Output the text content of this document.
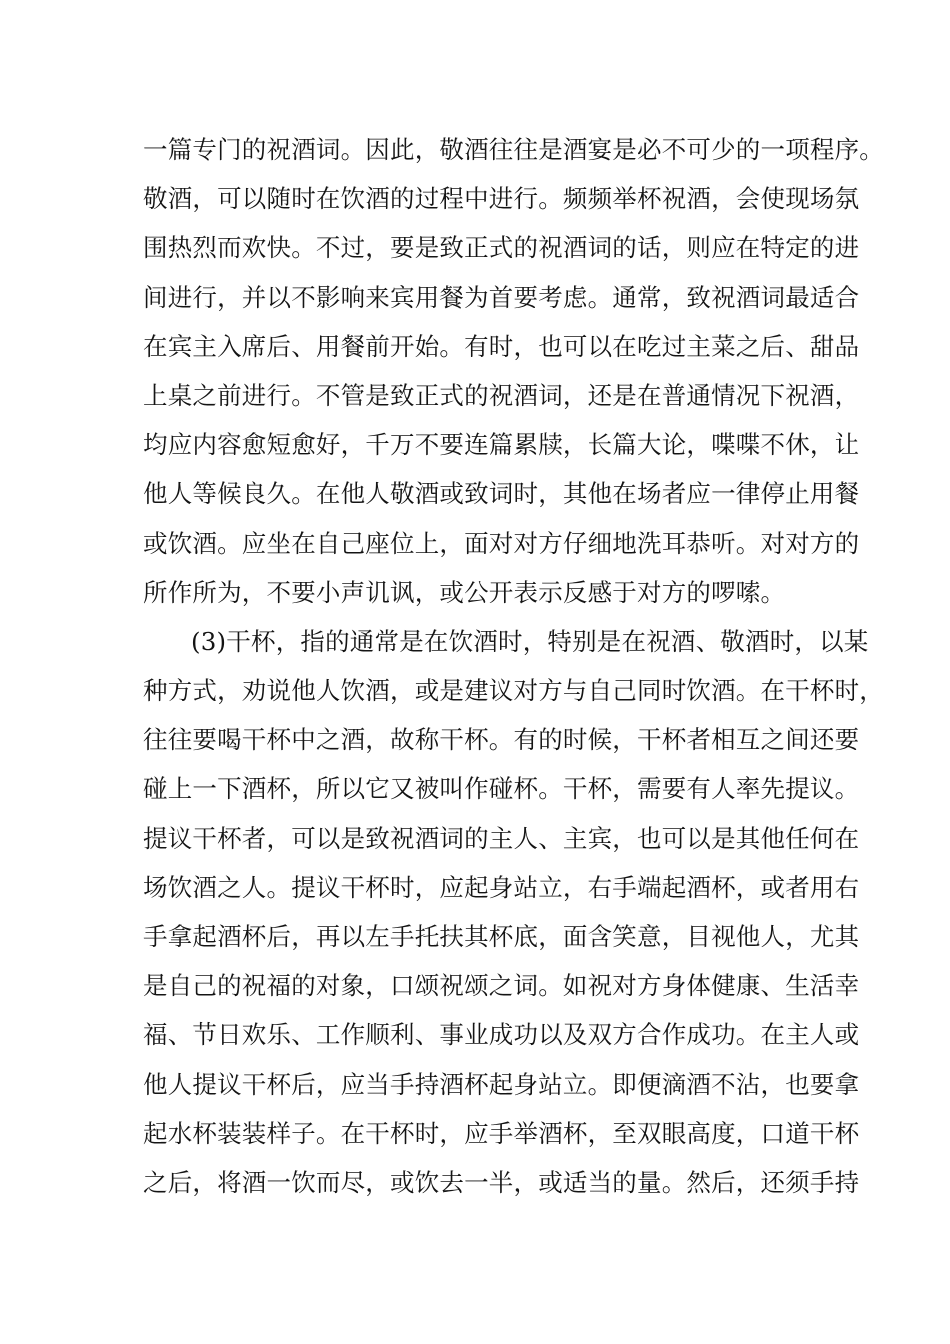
一篇专门的祝酒词。因此，敬酒往往是酒宴是必不可少的一项程序。
敬酒，可以随时在饮酒的过程中进行。频频举杯祝酒，会使现场氛
围热烈而欢快。不过，要是致正式的祝酒词的话，则应在特定的进
间进行，并以不影响来宾用餐为首要考虑。通常，致祝酒词最适合
在宾主入席后、用餐前开始。有时，也可以在吃过主菜之后、甜品
上桌之前进行。不管是致正式的祝酒词，还是在普通情况下祝酒，
均应内容愈短愈好，千万不要连篇累牍，长篇大论，喋喋不休，让
他人等候良久。在他人敬酒或致词时，其他在场者应一律停止用餐
或饮酒。应坐在自己座位上，面对对方仔细地洗耳恭听。对对方的
所作所为，不要小声讥讽，或公开表示反感于对方的啰嗦。
(3)干杯，指的通常是在饮酒时，特别是在祝酒、敬酒时，以某
种方式，劝说他人饮酒，或是建议对方与自己同时饮酒。在干杯时，
往往要喝干杯中之酒，故称干杯。有的时候，干杯者相互之间还要
碰上一下酒杯，所以它又被叫作碰杯。干杯，需要有人率先提议。
提议干杯者，可以是致祝酒词的主人、主宾，也可以是其他任何在
场饮酒之人。提议干杯时，应起身站立，右手端起酒杯，或者用右
手拿起酒杯后，再以左手托扶其杯底，面含笑意，目视他人，尤其
是自己的祝福的对象，口颂祝颂之词。如祝对方身体健康、生活幸
福、节日欢乐、工作顺利、事业成功以及双方合作成功。在主人或
他人提议干杯后，应当手持酒杯起身站立。即便滴酒不沾，也要拿
起水杯装装样子。在干杯时，应手举酒杯，至双眼高度，口道干杯
之后，将酒一饮而尽，或饮去一半，或适当的量。然后，还须手持
